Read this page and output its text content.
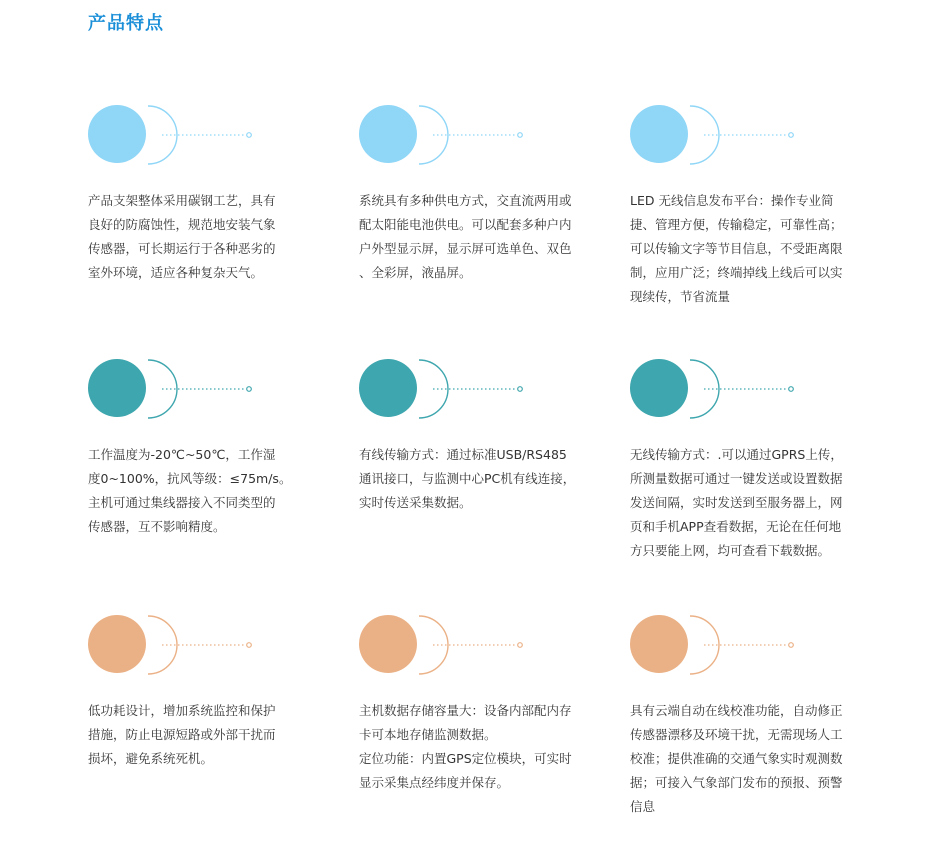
产品特点
产品支架整体采用碳钢工艺，具有
良好的防腐蚀性，规范地安装气象
传感器，可长期运行于各种恶劣的
室外环境，适应各种复杂天气。
系统具有多种供电方式，交直流两用或
配太阳能电池供电。可以配套多种户内
户外型显示屏，显示屏可选单色、双色
、全彩屏，液晶屏。
LED 无线信息发布平台：操作专业简
捷、管理方便，传输稳定，可靠性高；
可以传输文字等节目信息，不受距离限
制，应用广泛；终端掉线上线后可以实
现续传，节省流量
工作温度为-20℃~50℃，工作湿
度0~100%，抗风等级：≤75m/s。
主机可通过集线器接入不同类型的
传感器，互不影响精度。
有线传输方式：通过标准USB/RS485
通讯接口，与监测中心PC机有线连接，
实时传送采集数据。
无线传输方式：.可以通过GPRS上传，
所测量数据可通过一键发送或设置数据
发送间隔，实时发送到至服务器上，网
页和手机APP查看数据，无论在任何地
方只要能上网，均可查看下载数据。
低功耗设计，增加系统监控和保护
措施，防止电源短路或外部干扰而
损坏，避免系统死机。
主机数据存储容量大：设备内部配内存
卡可本地存储监测数据。
定位功能：内置GPS定位模块，可实时
显示采集点经纬度并保存。
具有云端自动在线校准功能，自动修正
传感器漂移及环境干扰，无需现场人工
校准；提供准确的交通气象实时观测数
据；可接入气象部门发布的预报、预警
信息
